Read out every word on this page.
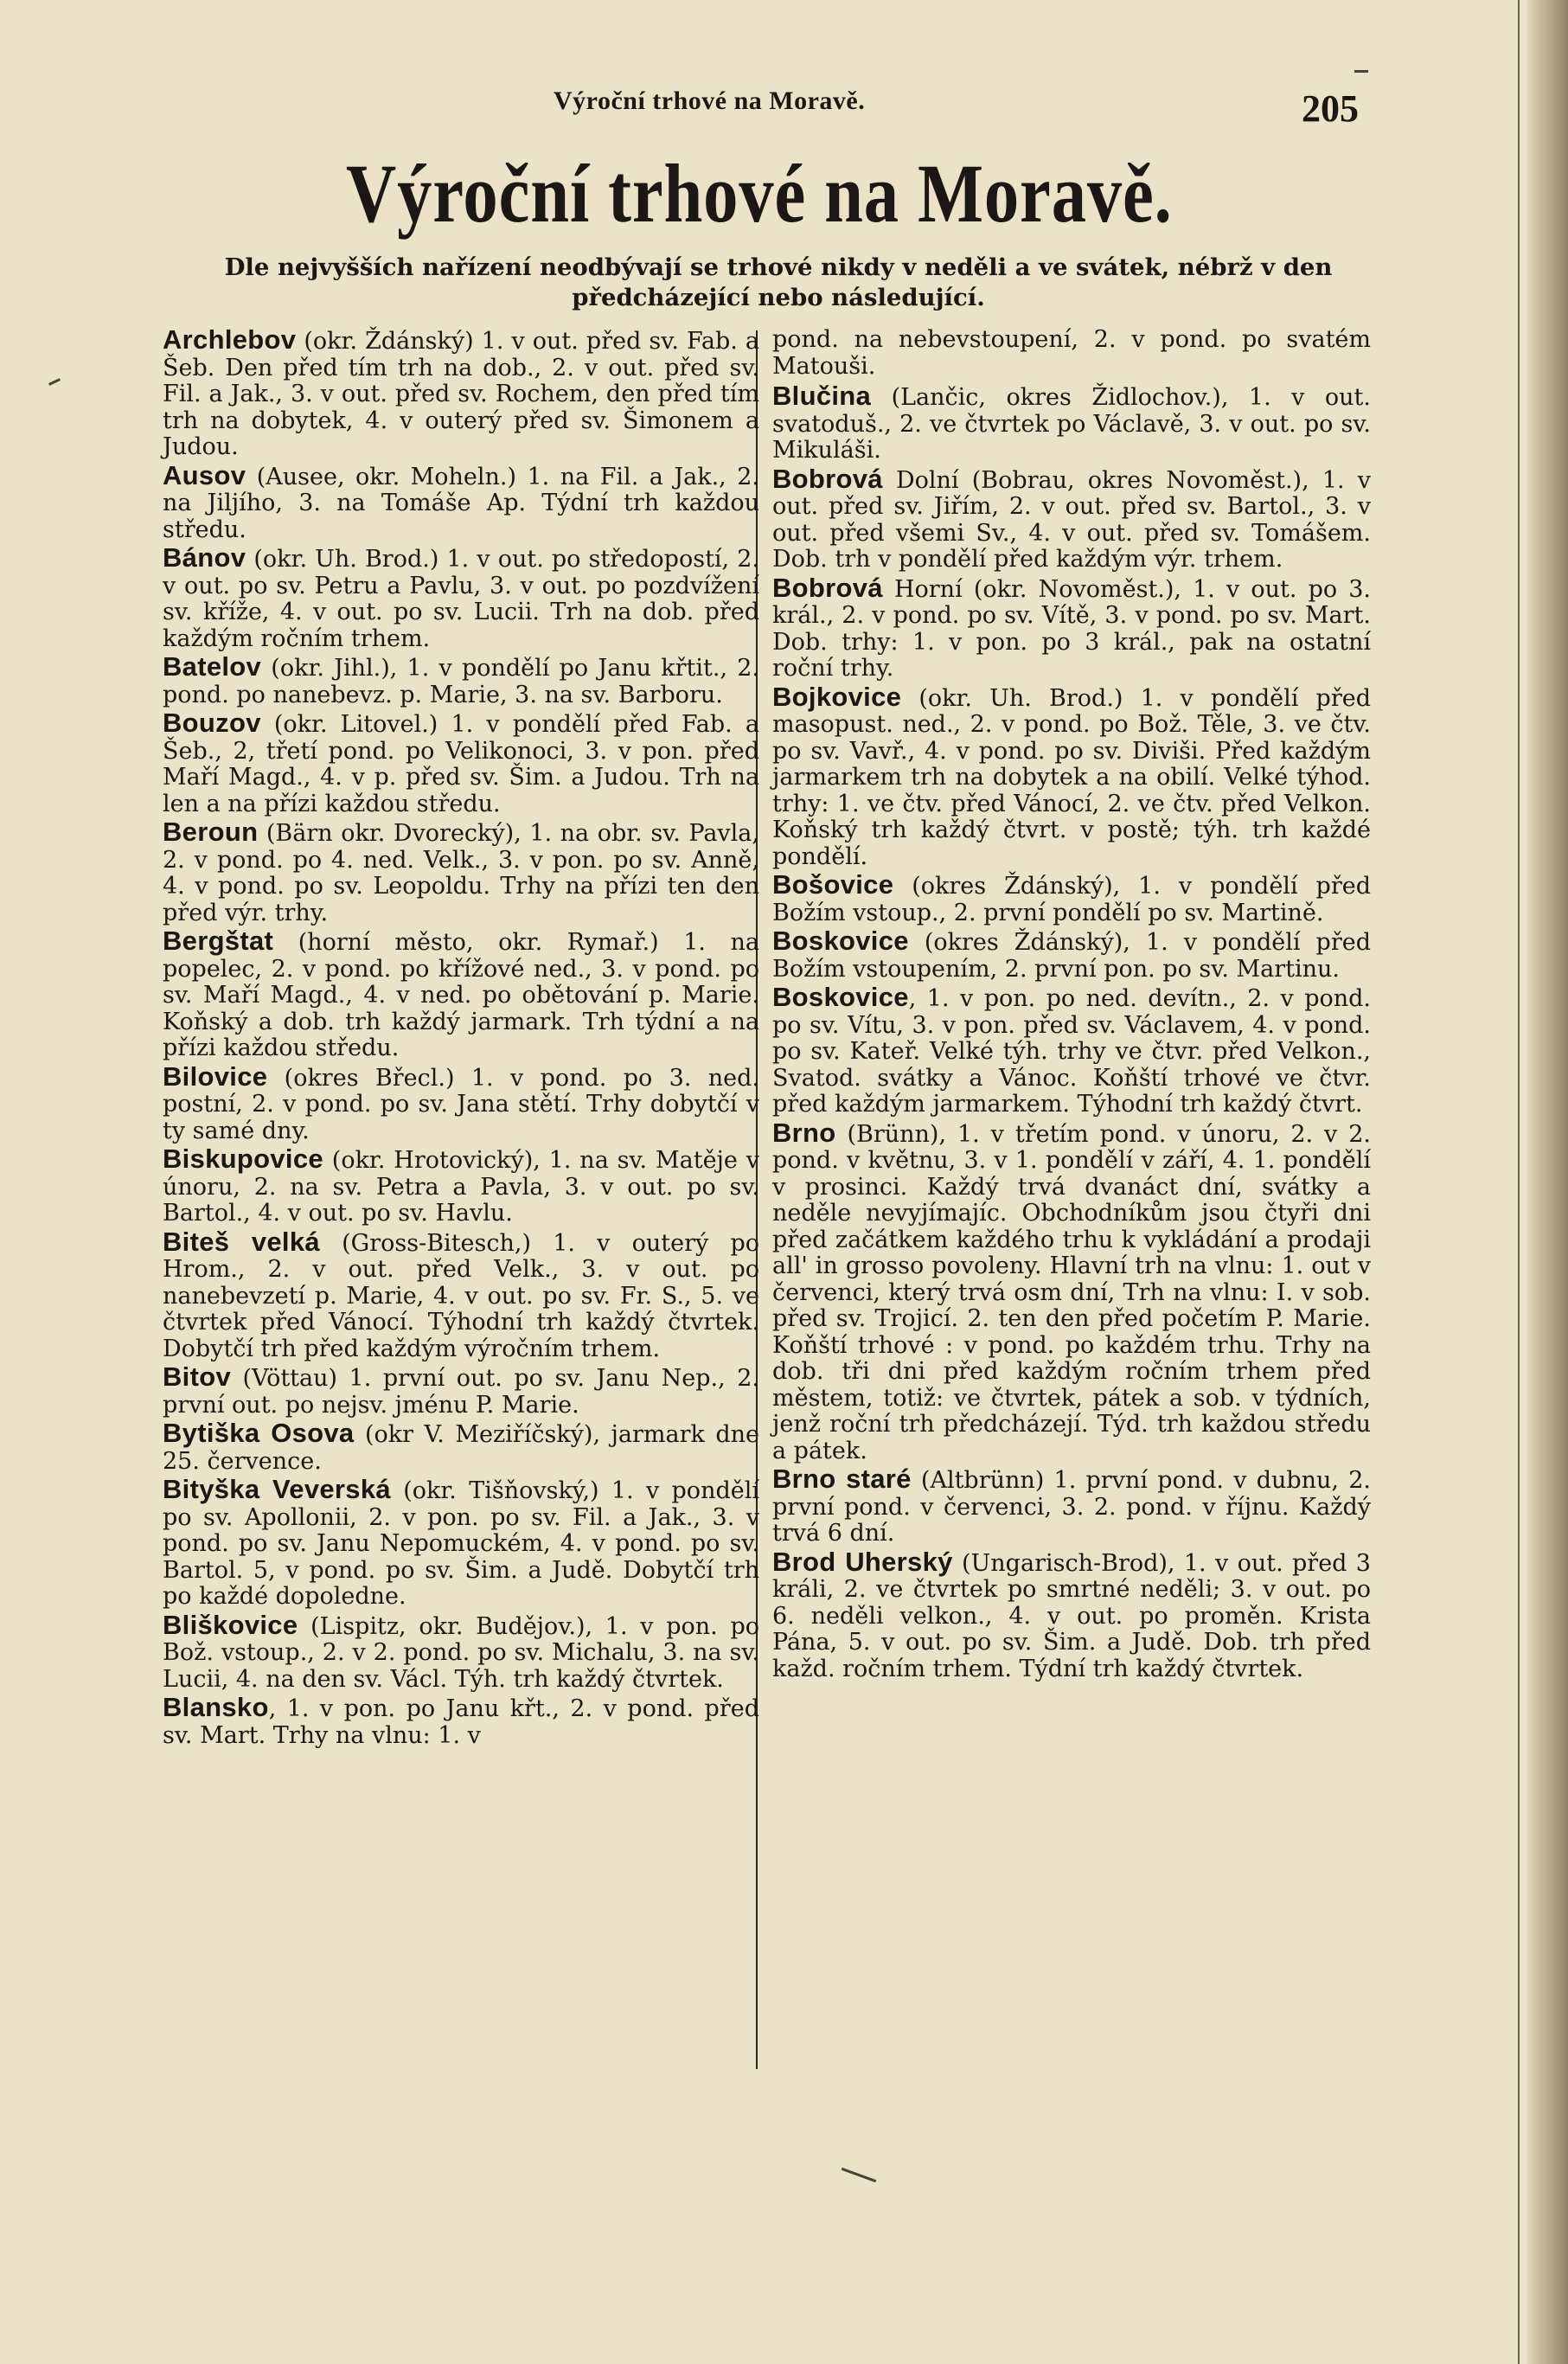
Výroční trhové na Moravě.	205
Výroční trhové na Moravě.
Dle nejvyšších nařízení neodbývají se trhové nikdy v neděli a ve svátek, nébrž v den předcházející nebo následující.

Archlebov (okr. Ždánský) 1. v out. před sv. Fab. a Šeb. Den před tím trh na dob., 2. v out. před sv. Fil. a Jak., 3. v out. před sv. Rochem, den před tím trh na dobytek, 4. v outerý před sv. Šimonem a Judou.

Ausov (Ausee, okr. Moheln.) 1. na Fil. a Jak., 2. na Jiljího, 3. na Tomáše Ap. Týdní trh každou středu.

Bánov (okr. Uh. Brod.) 1. v out. po středopostí, 2. v out. po sv. Petru a Pavlu, 3. v out. po pozdvížení sv. kříže, 4. v out. po sv. Lucii. Trh na dob. před každým ročním trhem.

Batelov (okr. Jihl.), 1. v pondělí po Janu křtit., 2. pond. po nanebevz. p. Marie, 3. na sv. Barboru.

Bouzov (okr. Litovel.) 1. v pondělí před Fab. a Šeb., 2, třetí pond. po Velikonoci, 3. v pon. před Maří Magd., 4. v p. před sv. Šim. a Judou. Trh na len a na přízi každou středu.

Beroun (Bärn okr. Dvorecký), 1. na obr. sv. Pavla, 2. v pond. po 4. ned. Velk., 3. v pon. po sv. Anně, 4. v pond. po sv. Leopoldu. Trhy na přízi ten den před výr. trhy.

Bergštat (horní město, okr. Rymař.) 1. na popelec, 2. v pond. po křížové ned., 3. v pond. po sv. Maří Magd., 4. v ned. po obětování p. Marie. Koňský a dob. trh každý jarmark. Trh týdní a na přízi každou středu.

Bilovice (okres Břecl.) 1. v pond. po 3. ned. postní, 2. v pond. po sv. Jana stětí. Trhy dobytčí v ty samé dny.

Biskupovice (okr. Hrotovický), 1. na sv. Matěje v únoru, 2. na sv. Petra a Pavla, 3. v out. po sv. Bartol., 4. v out. po sv. Havlu.

Biteš velká (Gross-Bitesch,) 1. v outerý po Hrom., 2. v out. před Velk., 3. v out. po nanebevzetí p. Marie, 4. v out. po sv. Fr. S., 5. ve čtvrtek před Vánocí. Týhodní trh každý čtvrtek. Dobytčí trh před každým výročním trhem.

Bitov (Vöttau) 1. první out. po sv. Janu Nep., 2. první out. po nejsv. jménu P. Marie.

Bytiška Osova (okr V. Meziříčský), jarmark dne 25. července.

Bityška Veverská (okr. Tišňovský,) 1. v pondělí po sv. Apollonii, 2. v pon. po sv. Fil. a Jak., 3. v pond. po sv. Janu Nepomuckém, 4. v pond. po sv. Bartol. 5, v pond. po sv. Šim. a Judě. Dobytčí trh po každé dopoledne.

Bliškovice (Lispitz, okr. Budějov.), 1. v pon. po Bož. vstoup., 2. v 2. pond. po sv. Michalu, 3. na sv. Lucii, 4. na den sv. Václ. Týh. trh každý čtvrtek.

Blansko, 1. v pon. po Janu křt., 2. v pond. před sv. Mart. Trhy na vlnu: 1. v

pond. na nebevstoupení, 2. v pond. po svatém Matouši.

Blučina (Lančic, okres Židlochov.), 1. v out. svatoduš., 2. ve čtvrtek po Václavě, 3. v out. po sv. Mikuláši.

Bobrová Dolní (Bobrau, okres Novoměst.), 1. v out. před sv. Jiřím, 2. v out. před sv. Bartol., 3. v out. před všemi Sv., 4. v out. před sv. Tomášem. Dob. trh v pondělí před každým výr. trhem.

Bobrová Horní (okr. Novoměst.), 1. v out. po 3. král., 2. v pond. po sv. Vítě, 3. v pond. po sv. Mart. Dob. trhy: 1. v pon. po 3 král., pak na ostatní roční trhy.

Bojkovice (okr. Uh. Brod.) 1. v pondělí před masopust. ned., 2. v pond. po Bož. Těle, 3. ve čtv. po sv. Vavř., 4. v pond. po sv. Diviši. Před každým jarmarkem trh na dobytek a na obilí. Velké týhod. trhy: 1. ve čtv. před Vánocí, 2. ve čtv. před Velkon. Koňský trh každý čtvrt. v postě; týh. trh každé pondělí.

Bošovice (okres Ždánský), 1. v pondělí před Božím vstoup., 2. první pondělí po sv. Martině.

Boskovice (okres Ždánský), 1. v pondělí před Božím vstoupením, 2. první pon. po sv. Martinu.

Boskovice, 1. v pon. po ned. devítn., 2. v pond. po sv. Vítu, 3. v pon. před sv. Václavem, 4. v pond. po sv. Kateř. Velké týh. trhy ve čtvr. před Velkon., Svatod. svátky a Vánoc. Koňští trhové ve čtvr. před každým jarmarkem. Týhodní trh každý čtvrt.

Brno (Brünn), 1. v třetím pond. v únoru, 2. v 2. pond. v květnu, 3. v 1. pondělí v září, 4. 1. pondělí v prosinci. Každý trvá dvanáct dní, svátky a neděle nevyjímajíc. Obchodníkům jsou čtyři dni před začátkem každého trhu k vykládání a prodaji all' in grosso povoleny. Hlavní trh na vlnu: 1. out v červenci, který trvá osm dní, Trh na vlnu: I. v sob. před sv. Trojicí. 2. ten den před početím P. Marie. Koňští trhové : v pond. po každém trhu. Trhy na dob. tři dni před každým ročním trhem před městem, totiž: ve čtvrtek, pátek a sob. v týdních, jenž roční trh předcházejí. Týd. trh každou středu a pátek.

Brno staré (Altbrünn) 1. první pond. v dubnu, 2. první pond. v červenci, 3. 2. pond. v říjnu. Každý trvá 6 dní.

Brod Uherský (Ungarisch-Brod), 1. v out. před 3 králi, 2. ve čtvrtek po smrtné neděli; 3. v out. po 6. neděli velkon., 4. v out. po proměn. Krista Pána, 5. v out. po sv. Šim. a Judě. Dob. trh před každ. ročním trhem. Týdní trh každý čtvrtek.
